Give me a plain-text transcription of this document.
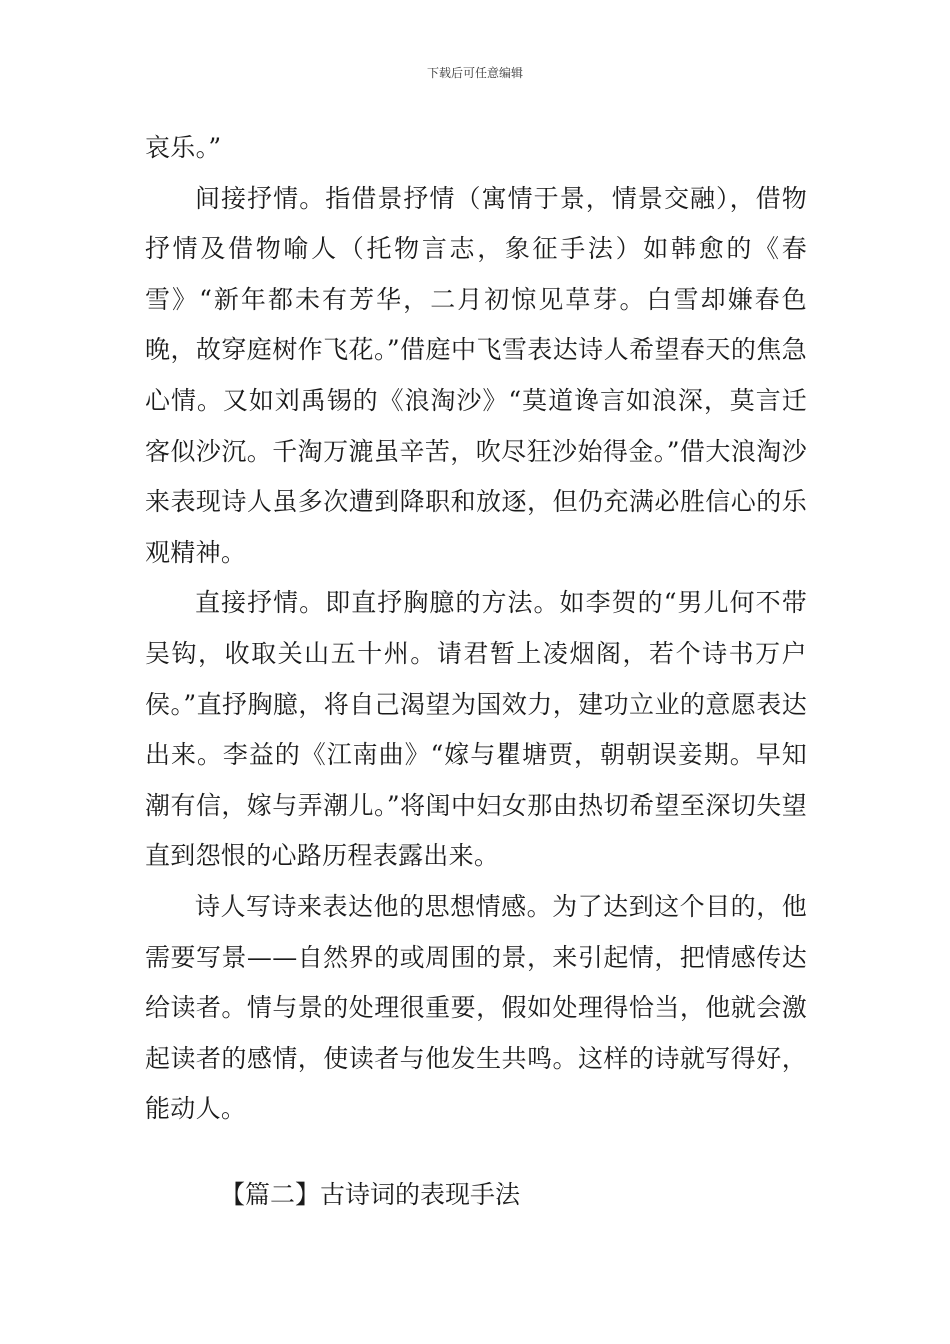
下载后可任意编辑

哀乐。”

间接抒情。指借景抒情（寓情于景，情景交融），借物抒情及借物喻人（托物言志，象征手法）如韩愈的《春雪》“新年都未有芳华，二月初惊见草芽。白雪却嫌春色晚，故穿庭树作飞花。”借庭中飞雪表达诗人希望春天的焦急心情。又如刘禹锡的《浪淘沙》“莫道谗言如浪深，莫言迁客似沙沉。千淘万漉虽辛苦，吹尽狂沙始得金。”借大浪淘沙来表现诗人虽多次遭到降职和放逐，但仍充满必胜信心的乐观精神。

直接抒情。即直抒胸臆的方法。如李贺的“男儿何不带吴钩，收取关山五十州。请君暂上凌烟阁，若个诗书万户侯。”直抒胸臆，将自己渴望为国效力，建功立业的意愿表达出来。李益的《江南曲》“嫁与瞿塘贾，朝朝误妾期。早知潮有信，嫁与弄潮儿。”将闺中妇女那由热切希望至深切失望直到怨恨的心路历程表露出来。

诗人写诗来表达他的思想情感。为了达到这个目的，他需要写景——自然界的或周围的景，来引起情，把情感传达给读者。情与景的处理很重要，假如处理得恰当，他就会激起读者的感情，使读者与他发生共鸣。这样的诗就写得好，能动人。

【篇二】古诗词的表现手法
